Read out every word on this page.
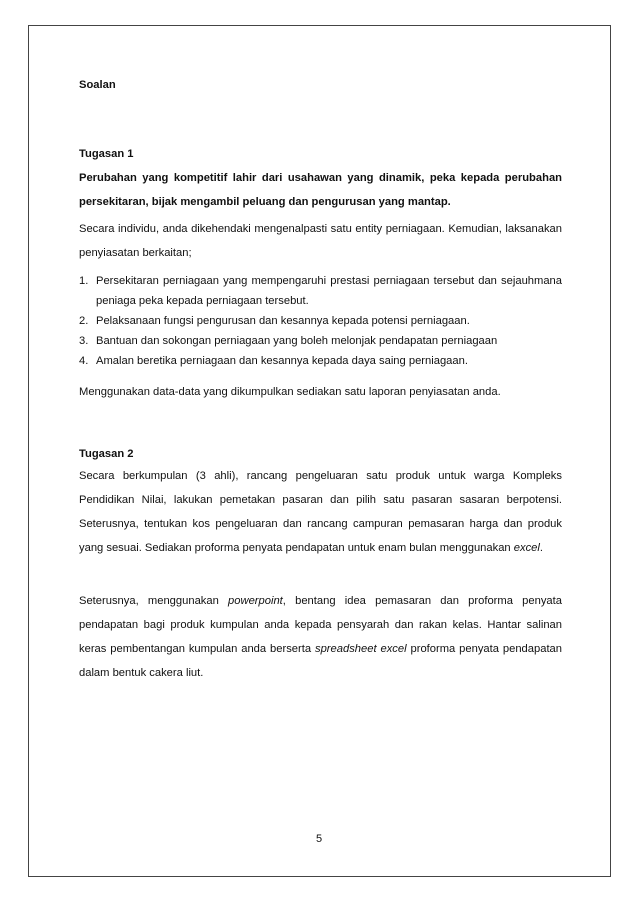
Soalan
Tugasan 1

Perubahan yang kompetitif lahir dari usahawan yang dinamik, peka kepada perubahan persekitaran, bijak mengambil peluang dan pengurusan yang mantap.

Secara individu, anda dikehendaki mengenalpasti satu entity perniagaan. Kemudian, laksanakan penyiasatan berkaitan;

1. Persekitaran perniagaan yang mempengaruhi prestasi perniagaan tersebut dan sejauhmana peniaga peka kepada perniagaan tersebut.
2. Pelaksanaan fungsi pengurusan dan kesannya kepada potensi perniagaan.
3. Bantuan dan sokongan perniagaan yang boleh melonjak pendapatan perniagaan
4. Amalan beretika perniagaan dan kesannya kepada daya saing perniagaan.

Menggunakan data-data yang dikumpulkan sediakan satu laporan penyiasatan anda.

Tugasan 2

Secara berkumpulan (3 ahli), rancang pengeluaran satu produk untuk warga Kompleks Pendidikan Nilai, lakukan pemetakan pasaran dan pilih satu pasaran sasaran berpotensi. Seterusnya, tentukan kos pengeluaran dan rancang campuran pemasaran harga dan produk yang sesuai. Sediakan proforma penyata pendapatan untuk enam bulan menggunakan excel.

Seterusnya, menggunakan powerpoint, bentang idea pemasaran dan proforma penyata pendapatan bagi produk kumpulan anda kepada pensyarah dan rakan kelas. Hantar salinan keras pembentangan kumpulan anda berserta spreadsheet excel proforma penyata pendapatan dalam bentuk cakera liut.

5
